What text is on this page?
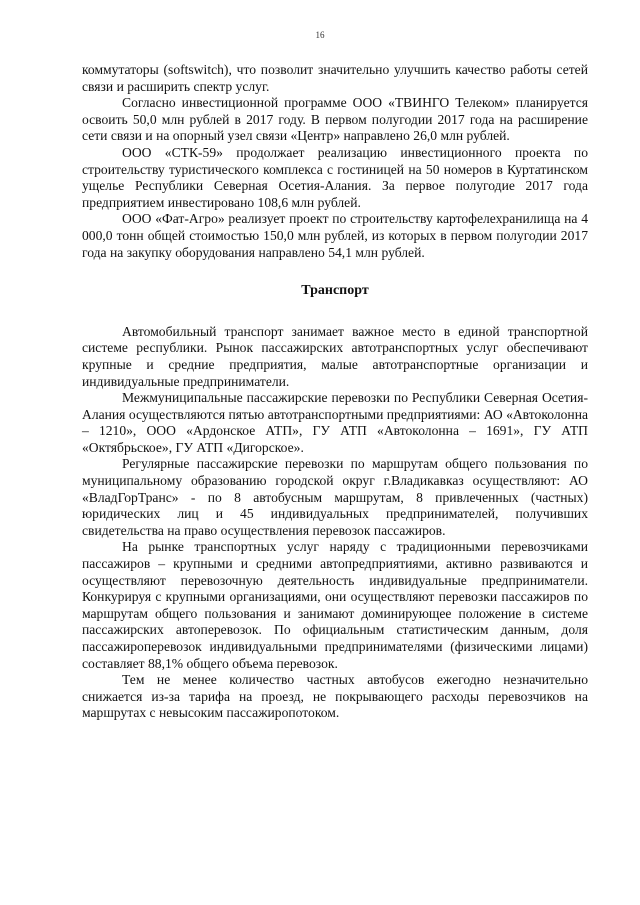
16

коммутаторы (softswitch), что позволит значительно улучшить качество работы сетей связи и расширить спектр услуг.

Согласно инвестиционной программе ООО «ТВИНГО Телеком» планируется освоить 50,0 млн рублей в 2017 году. В первом полугодии 2017 года на расширение сети связи и на опорный узел связи «Центр» направлено 26,0 млн рублей.

ООО «СТК-59» продолжает реализацию инвестиционного проекта по строительству туристического комплекса с гостиницей на 50 номеров в Куртатинском ущелье Республики Северная Осетия-Алания. За первое полугодие 2017 года предприятием инвестировано 108,6 млн рублей.

ООО «Фат-Агро» реализует проект по строительству картофелехранилища на 4 000,0 тонн общей стоимостью 150,0 млн рублей, из которых в первом полугодии 2017 года на закупку оборудования направлено 54,1 млн рублей.

Транспорт

Автомобильный транспорт занимает важное место в единой транспортной системе республики. Рынок пассажирских автотранспортных услуг обеспечивают крупные и средние предприятия, малые автотранспортные организации и индивидуальные предприниматели.

Межмуниципальные пассажирские перевозки по Республики Северная Осетия-Алания осуществляются пятью автотранспортными предприятиями: АО «Автоколонна – 1210», ООО «Ардонское АТП», ГУ АТП «Автоколонна – 1691», ГУ АТП «Октябрьское», ГУ АТП «Дигорское».

Регулярные пассажирские перевозки по маршрутам общего пользования по муниципальному образованию городской округ г.Владикавказ осуществляют: АО «ВладГорТранс» - по 8 автобусным маршрутам, 8 привлеченных (частных) юридических лиц и 45 индивидуальных предпринимателей, получивших свидетельства на право осуществления перевозок пассажиров.

На рынке транспортных услуг наряду с традиционными перевозчиками пассажиров – крупными и средними автопредприятиями, активно развиваются и осуществляют перевозочную деятельность индивидуальные предприниматели. Конкурируя с крупными организациями, они осуществляют перевозки пассажиров по маршрутам общего пользования и занимают доминирующее положение в системе пассажирских автоперевозок. По официальным статистическим данным, доля пассажироперевозок индивидуальными предпринимателями (физическими лицами) составляет 88,1% общего объема перевозок.

Тем не менее количество частных автобусов ежегодно незначительно снижается из-за тарифа на проезд, не покрывающего расходы перевозчиков на маршрутах с невысоким пассажиропотоком.
